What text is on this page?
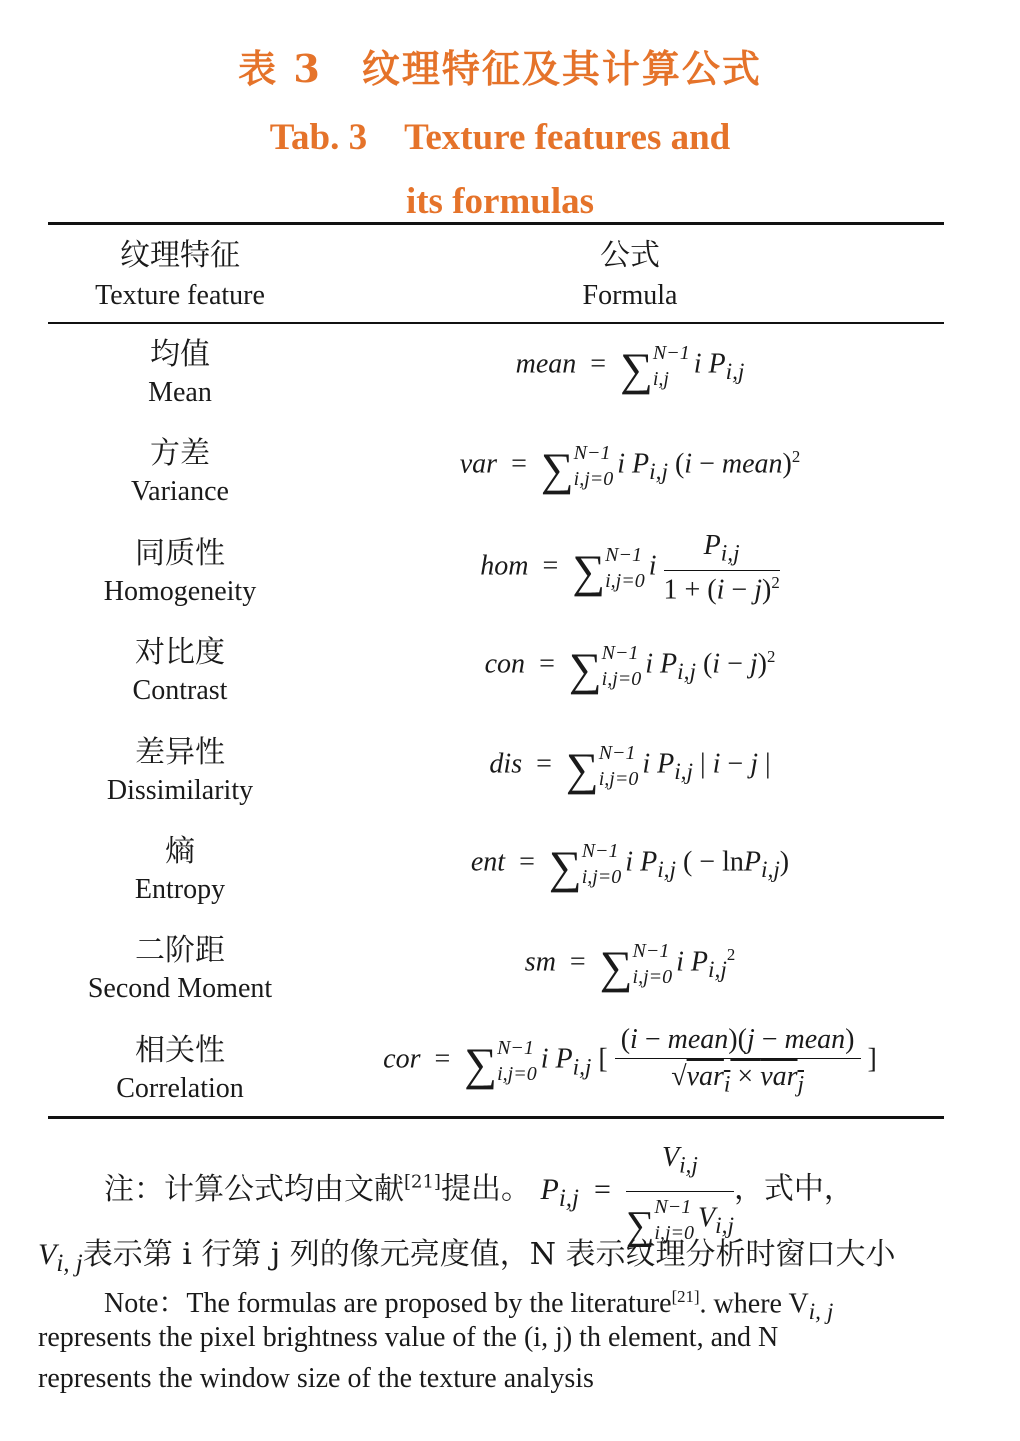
表 3　纹理特征及其计算公式
Tab. 3　Texture features and
its formulas
纹理特征
Texture feature
公式
Formula
均值
Mean
方差
Variance
同质性
Homogeneity
对比度
Contrast
差异性
Dissimilarity
熵
Entropy
二阶距
Second Moment
相关性
Correlation
mean  =  ∑ N−1
i,j i $P_{i,j}$
var  =  ∑ N−1
i,j=0 i $P_{i,j}$ (i − mean)$^2$
hom  =  ∑ N−1
i,j=0 i $\frac{P_{i,j}}{1 + (i - j)^2}$
con  =  ∑ N−1
i,j=0 i $P_{i,j}$ $(i - j)^2$
dis  =  ∑ N−1
i,j=0 i $P_{i,j}$ | i − j |
ent  =  ∑ N−1
i,j=0 i $P_{i,j}$ ( − lnP$_{i,j}$)
sm  =  ∑ N−1
i,j=0 i $P_{i,j}^2$
cor  =  ∑ N−1
i,j=0 i $P_{i,j}$ [ $\frac{\text{(i − mean)(j − mean)}}{√var_i \times var_j}$ ]
注：计算公式均由文献[21]提出。 $P_{i,j} = V_{i,j}$
∑ N−1
i,j=0 $V_{i,j}$ ，式中，
$V_{i, j}$表示第 i 行第 j 列的像元亮度值，N 表示纹理分析时窗口大小
Note：The formulas are proposed by the literature[21]. where $V_{i, j}$
represents the pixel brightness value of the (i, j) th element, and N
represents the window size of the texture analysis
